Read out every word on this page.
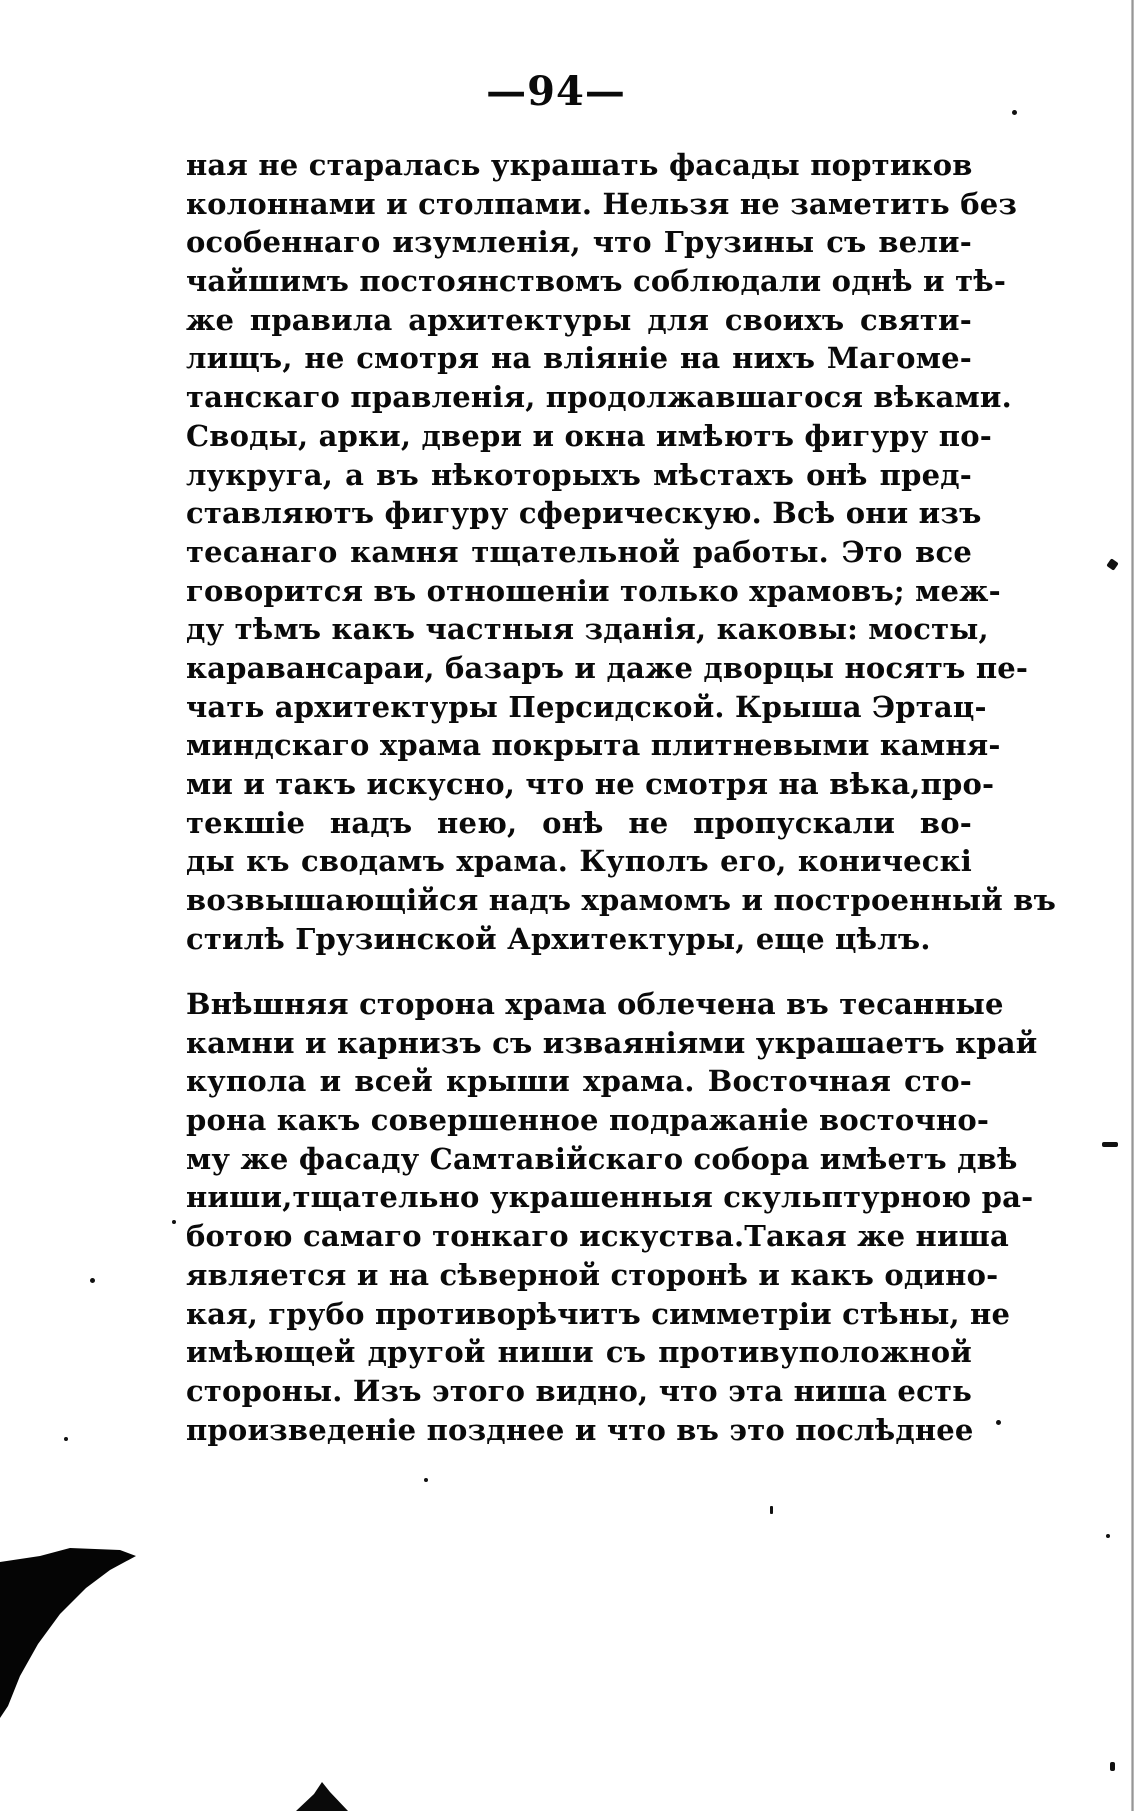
—94—
ная не старалась украшать фасады портиков
колоннами и столпами. Нельзя не заметить без
особеннаго изумленія, что Грузины съ вели-
чайшимъ постоянствомъ соблюдали однѣ и тѣ-
же правила архитектуры для своихъ святи-
лищъ, не смотря на вліяніе на нихъ Магоме-
танскаго правленія, продолжавшагося вѣками.
Своды, арки, двери и окна имѣютъ фигуру по-
лукруга, а въ нѣкоторыхъ мѣстахъ онѣ пред-
ставляютъ фигуру сферическую. Всѣ они изъ
тесанаго камня тщательной работы. Это все
говорится въ отношеніи только храмовъ; меж-
ду тѣмъ какъ частныя зданія, каковы: мосты,
каравансараи, базаръ и даже дворцы носятъ пе-
чать архитектуры Персидской. Крыша Эртац-
миндскаго храма покрыта плитневыми камня-
ми и такъ искусно, что не смотря на вѣка,про-
текшіе надъ нею, онѣ не пропускали во-
ды къ сводамъ храма. Куполъ его, коническі
возвышающійся надъ храмомъ и построенный въ
стилѣ Грузинской Архитектуры, еще цѣлъ.
Внѣшняя сторона храма облечена въ тесанные
камни и карнизъ съ изваяніями украшаетъ край
купола и всей крыши храма. Восточная сто-
рона какъ совершенное подражаніе восточно-
му же фасаду Самтавійскаго собора имѣетъ двѣ
ниши,тщательно украшенныя скульптурною ра-
ботою самаго тонкаго искуства.Такая же ниша
является и на сѣверной сторонѣ и какъ одино-
кая, грубо противорѣчитъ симметріи стѣны, не
имѣющей другой ниши съ противуположной
стороны. Изъ этого видно, что эта ниша есть
произведеніе позднее и что въ это послѣднее
